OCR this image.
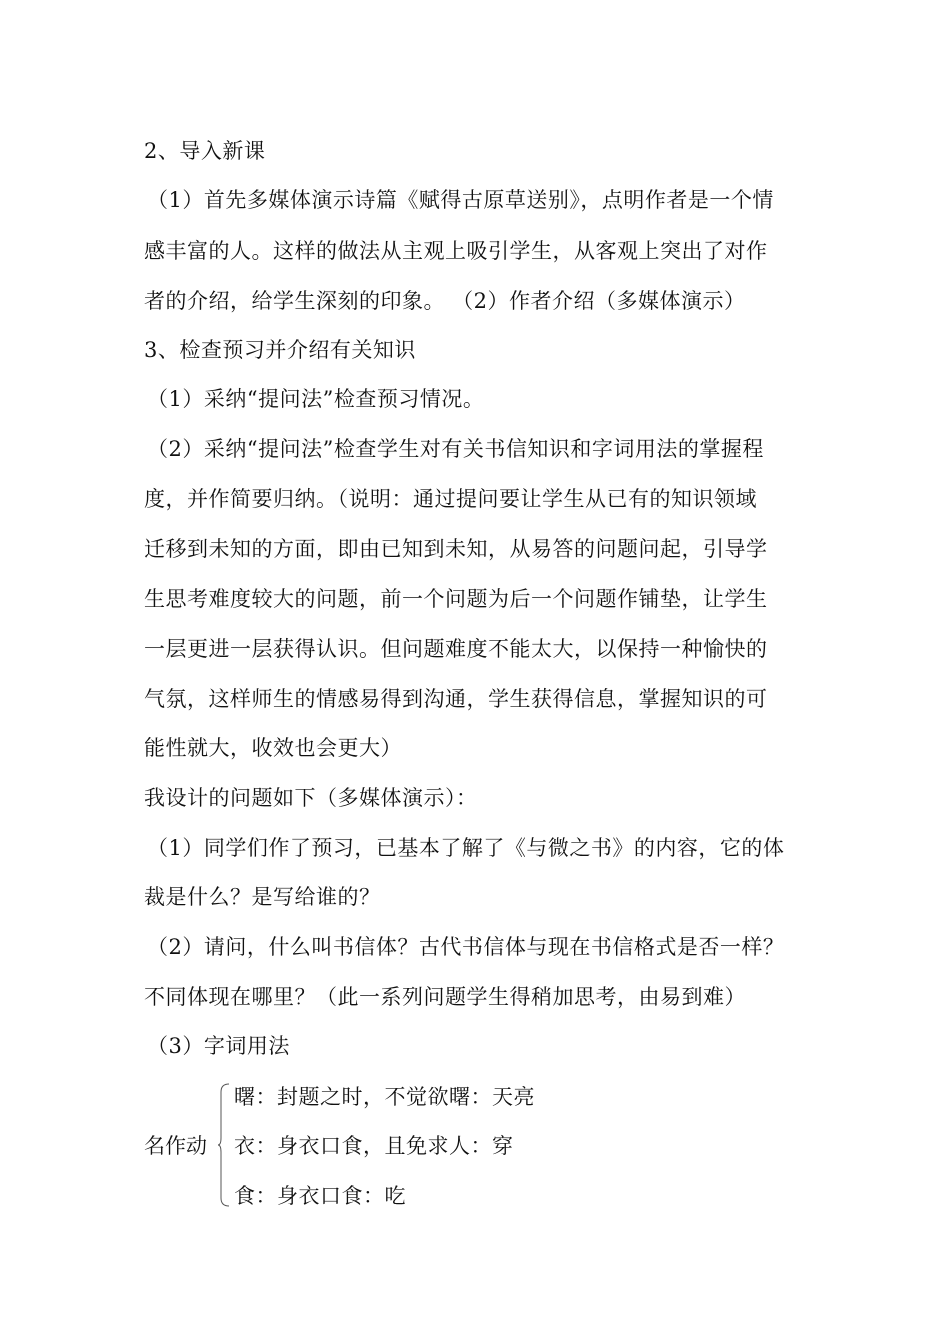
2、导入新课
（1）首先多媒体演示诗篇《赋得古原草送别》，点明作者是一个情
感丰富的人。这样的做法从主观上吸引学生，从客观上突出了对作
者的介绍，给学生深刻的印象。 （2）作者介绍（多媒体演示）
3、检查预习并介绍有关知识
（1）采纳“提问法”检查预习情况。
（2）采纳“提问法”检查学生对有关书信知识和字词用法的掌握程
度，并作简要归纳。（说明：通过提问要让学生从已有的知识领域
迁移到未知的方面，即由已知到未知，从易答的问题问起，引导学
生思考难度较大的问题，前一个问题为后一个问题作铺垫，让学生
一层更进一层获得认识。但问题难度不能太大，以保持一种愉快的
气氛，这样师生的情感易得到沟通，学生获得信息，掌握知识的可
能性就大，收效也会更大）
我设计的问题如下（多媒体演示）：
（1）同学们作了预习，已基本了解了《与微之书》的内容，它的体
裁是什么？是写给谁的？
（2）请问，什么叫书信体？古代书信体与现在书信格式是否一样？
不同体现在哪里？（此一系列问题学生得稍加思考，由易到难）
（3）字词用法
名作动
曙：封题之时，不觉欲曙：天亮
衣：身衣口食，且免求人：穿
食：身衣口食：吃
